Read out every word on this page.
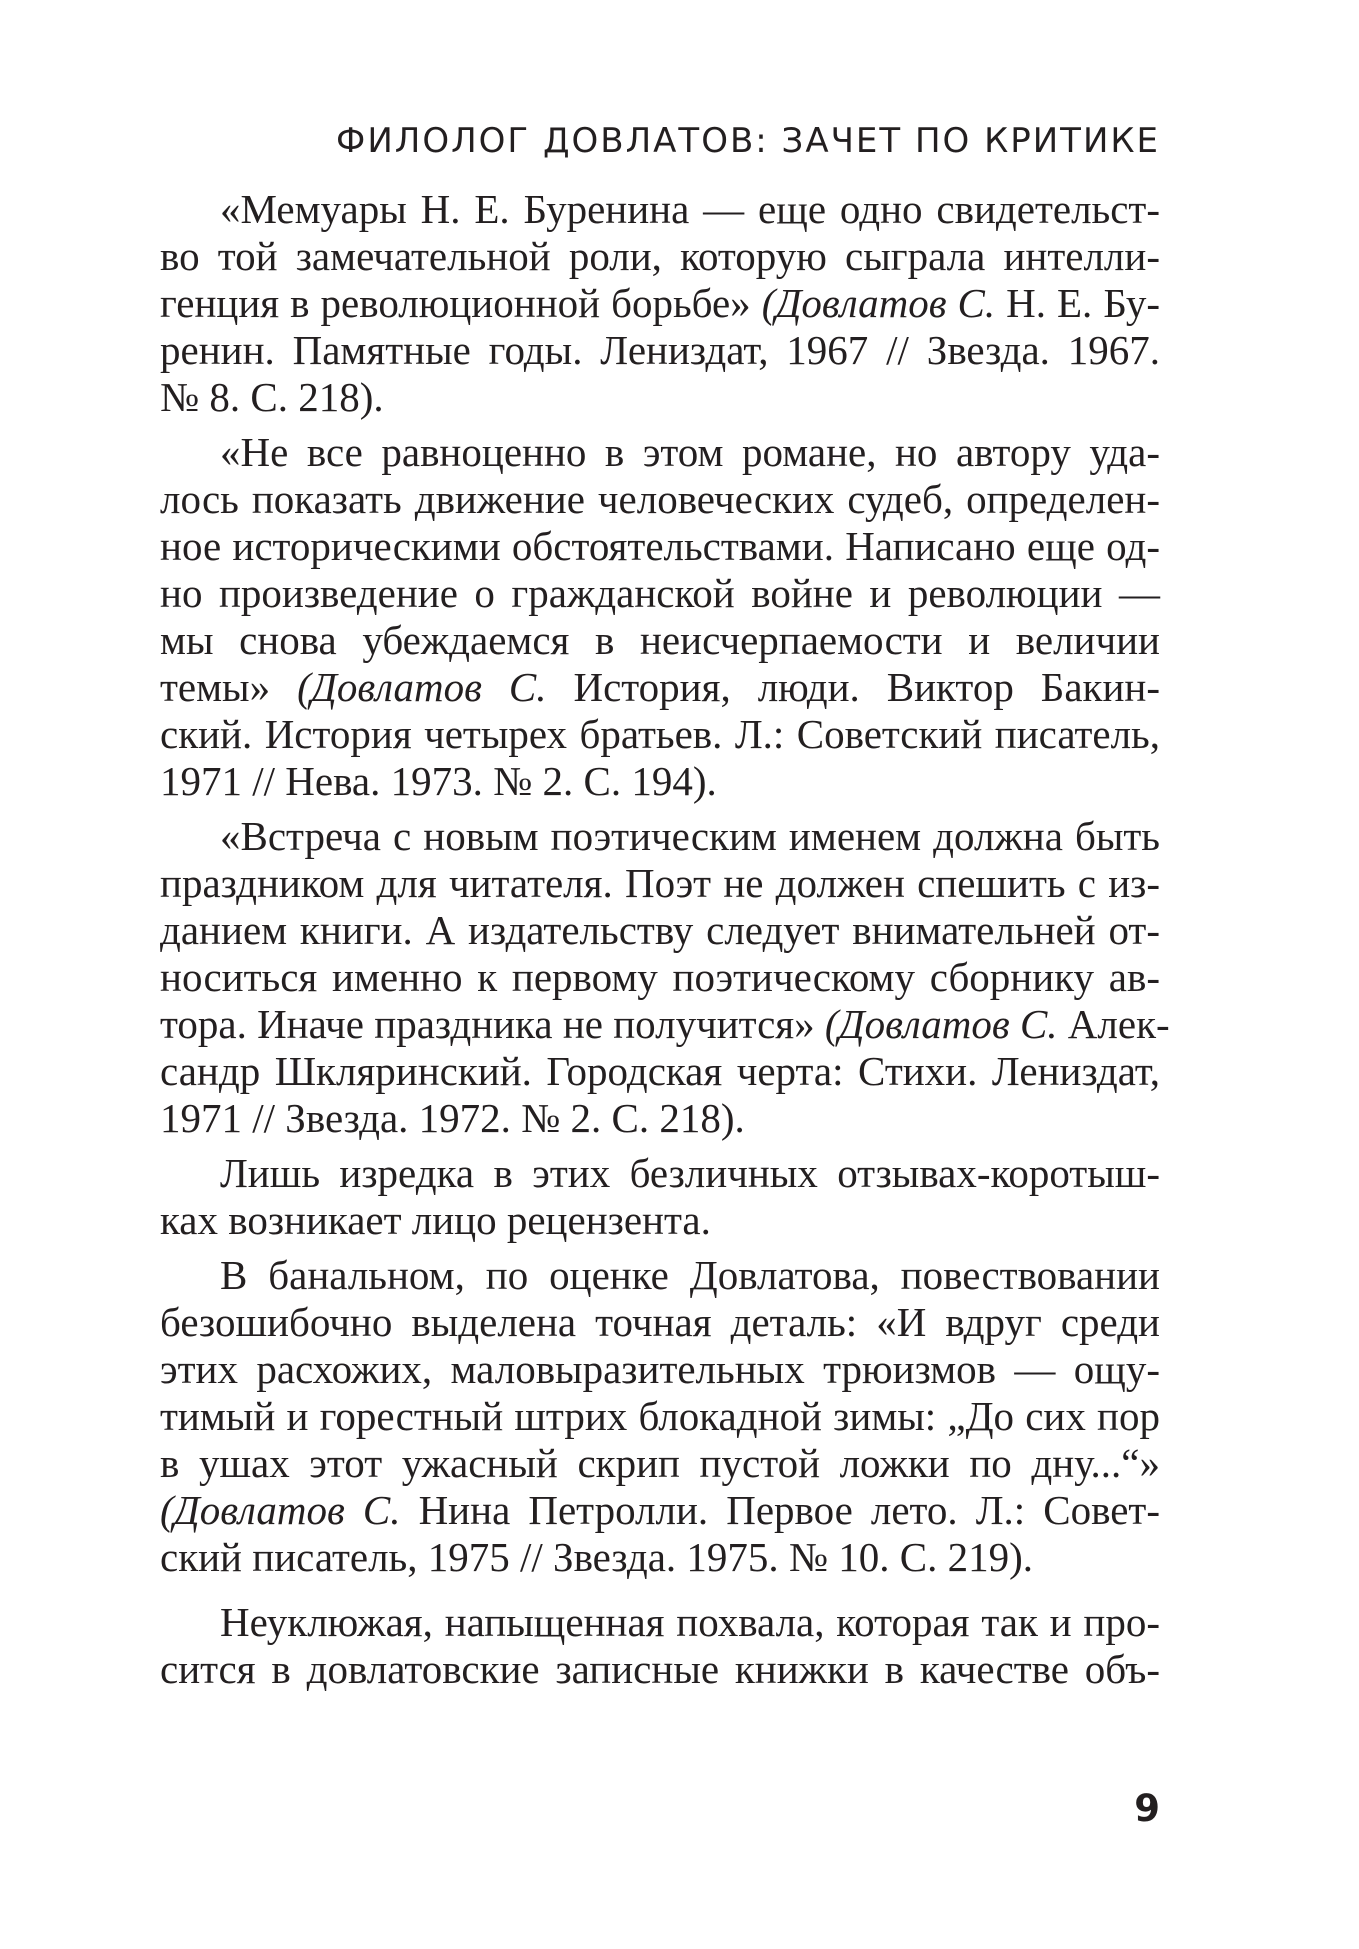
ФИЛОЛОГ ДОВЛАТОВ: ЗАЧЕТ ПО КРИТИКЕ
«Мемуары Н. Е. Буренина — еще одно свидетельст-
во той замечательной роли, которую сыграла интелли-
генция в революционной борьбе» (Довлатов С. Н. Е. Бу-
ренин. Памятные годы. Лениздат, 1967 // Звезда. 1967.
№ 8. С. 218).
«Не все равноценно в этом романе, но автору уда-
лось показать движение человеческих судеб, определен-
ное историческими обстоятельствами. Написано еще од-
но произведение о гражданской войне и революции —
мы снова убеждаемся в неисчерпаемости и величии
темы» (Довлатов С. История, люди. Виктор Бакин-
ский. История четырех братьев. Л.: Советский писатель,
1971 // Нева. 1973. № 2. С. 194).
«Встреча с новым поэтическим именем должна быть
праздником для читателя. Поэт не должен спешить с из-
данием книги. А издательству следует внимательней от-
носиться именно к первому поэтическому сборнику ав-
тора. Иначе праздника не получится» (Довлатов С. Алек-
сандр Шкляринский. Городская черта: Стихи. Лениздат,
1971 // Звезда. 1972. № 2. С. 218).
Лишь изредка в этих безличных отзывах-коротыш-
ках возникает лицо рецензента.
В банальном, по оценке Довлатова, повествовании
безошибочно выделена точная деталь: «И вдруг среди
этих расхожих, маловыразительных трюизмов — ощу-
тимый и горестный штрих блокадной зимы: „До сих пор
в ушах этот ужасный скрип пустой ложки по дну...“»
(Довлатов С. Нина Петролли. Первое лето. Л.: Совет-
ский писатель, 1975 // Звезда. 1975. № 10. С. 219).
Неуклюжая, напыщенная похвала, которая так и про-
сится в довлатовские записные книжки в качестве объ-
9
